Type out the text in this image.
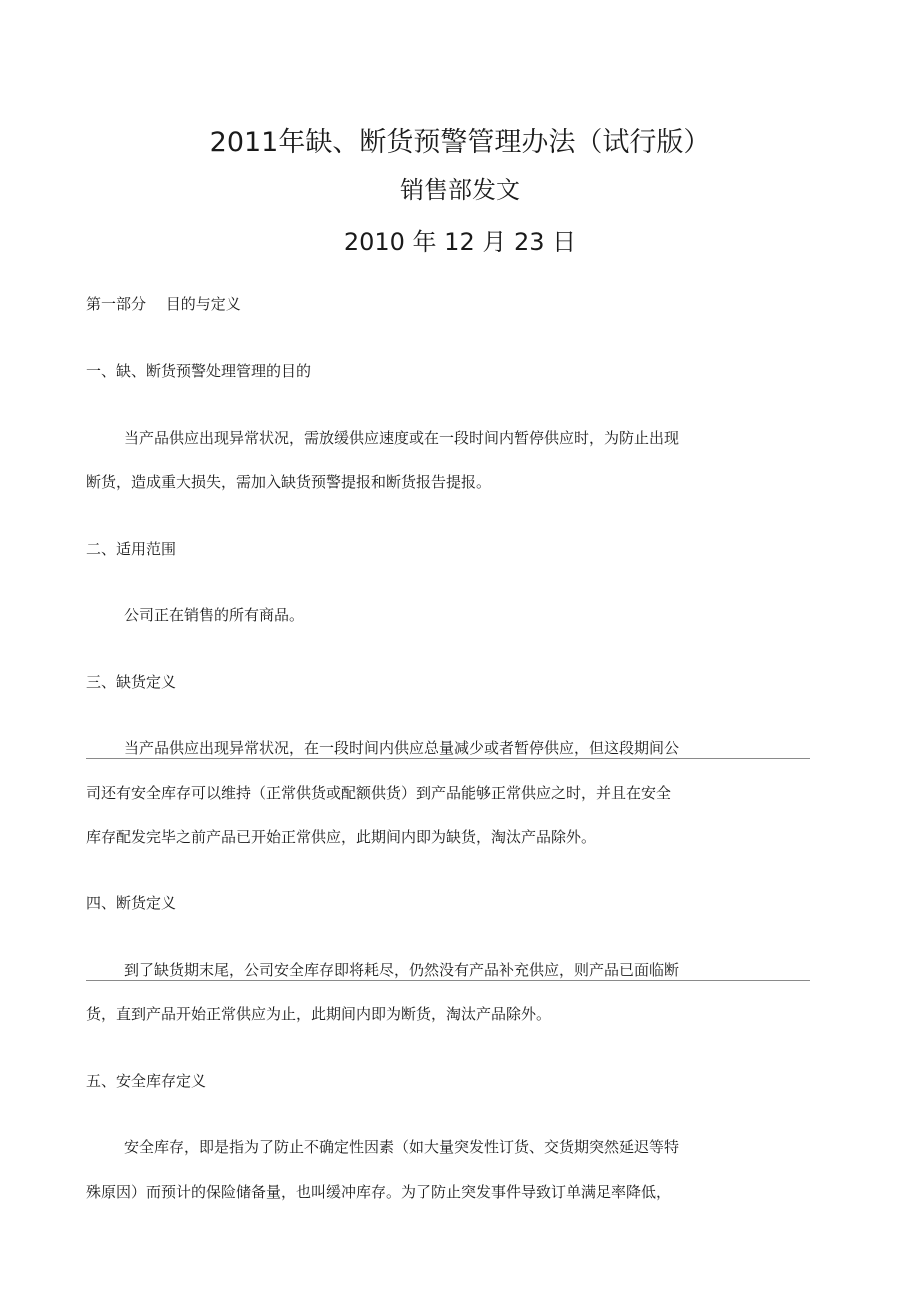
2011年缺、断货预警管理办法（试行版）
销售部发文
2010 年 12 月 23 日
第一部分　 目的与定义
一、缺、断货预警处理管理的目的
当产品供应出现异常状况，需放缓供应速度或在一段时间内暂停供应时，为防止出现
断货，造成重大损失，需加入缺货预警提报和断货报告提报。
二、适用范围
公司正在销售的所有商品。
三、缺货定义
当产品供应出现异常状况，在一段时间内供应总量减少或者暂停供应，但这段期间公
司还有安全库存可以维持（正常供货或配额供货）到产品能够正常供应之时，并且在安全
库存配发完毕之前产品已开始正常供应，此期间内即为缺货，淘汰产品除外。
四、断货定义
到了缺货期末尾，公司安全库存即将耗尽，仍然没有产品补充供应，则产品已面临断
货，直到产品开始正常供应为止，此期间内即为断货，淘汰产品除外。
五、安全库存定义
安全库存，即是指为了防止不确定性因素（如大量突发性订货、交货期突然延迟等特
殊原因）而预计的保险储备量，也叫缓冲库存。为了防止突发事件导致订单满足率降低，
